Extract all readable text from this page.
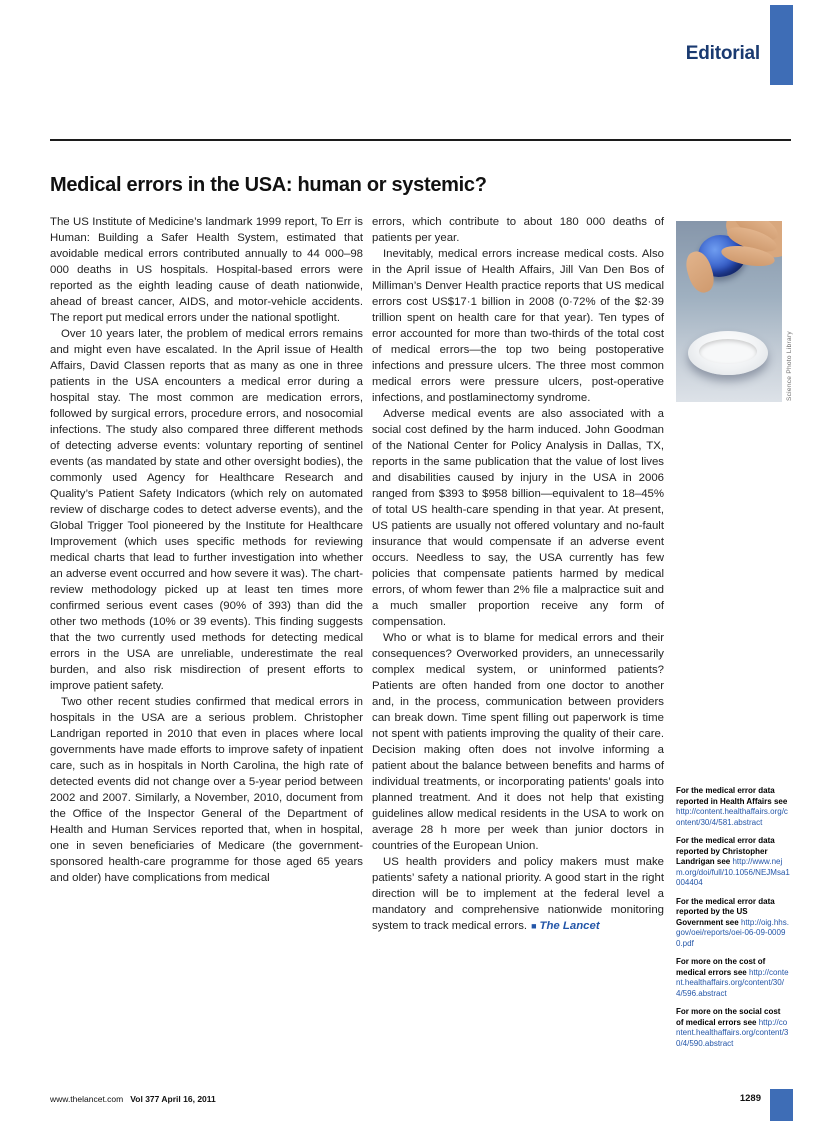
Editorial
Medical errors in the USA: human or systemic?

The US Institute of Medicine’s landmark 1999 report, To Err is Human: Building a Safer Health System, estimated that avoidable medical errors contributed annually to 44 000–98 000 deaths in US hospitals. Hospital-based errors were reported as the eighth leading cause of death nationwide, ahead of breast cancer, AIDS, and motor-vehicle accidents. The report put medical errors under the national spotlight.

Over 10 years later, the problem of medical errors remains and might even have escalated. In the April issue of Health Affairs, David Classen reports that as many as one in three patients in the USA encounters a medical error during a hospital stay. The most common are medication errors, followed by surgical errors, procedure errors, and nosocomial infections. The study also compared three different methods of detecting adverse events: voluntary reporting of sentinel events (as mandated by state and other oversight bodies), the commonly used Agency for Healthcare Research and Quality’s Patient Safety Indicators (which rely on automated review of discharge codes to detect adverse events), and the Global Trigger Tool pioneered by the Institute for Healthcare Improvement (which uses specific methods for reviewing medical charts that lead to further investigation into whether an adverse event occurred and how severe it was). The chart-review methodology picked up at least ten times more confirmed serious event cases (90% of 393) than did the other two methods (10% or 39 events). This finding suggests that the two currently used methods for detecting medical errors in the USA are unreliable, underestimate the real burden, and also risk misdirection of present efforts to improve patient safety.

Two other recent studies confirmed that medical errors in hospitals in the USA are a serious problem. Christopher Landrigan reported in 2010 that even in places where local governments have made efforts to improve safety of inpatient care, such as in hospitals in North Carolina, the high rate of detected events did not change over a 5-year period between 2002 and 2007. Similarly, a November, 2010, document from the Office of the Inspector General of the Department of Health and Human Services reported that, when in hospital, one in seven beneficiaries of Medicare (the government-sponsored health-care programme for those aged 65 years and older) have complications from medical

errors, which contribute to about 180 000 deaths of patients per year.

Inevitably, medical errors increase medical costs. Also in the April issue of Health Affairs, Jill Van Den Bos of Milliman’s Denver Health practice reports that US medical errors cost US$17·1 billion in 2008 (0·72% of the $2·39 trillion spent on health care for that year). Ten types of error accounted for more than two-thirds of the total cost of medical errors—the top two being postoperative infections and pressure ulcers. The three most common medical errors were pressure ulcers, post-operative infections, and postlaminectomy syndrome.

Adverse medical events are also associated with a social cost defined by the harm induced. John Goodman of the National Center for Policy Analysis in Dallas, TX, reports in the same publication that the value of lost lives and disabilities caused by injury in the USA in 2006 ranged from $393 to $958 billion—equivalent to 18–45% of total US health-care spending in that year. At present, US patients are usually not offered voluntary and no-fault insurance that would compensate if an adverse event occurs. Needless to say, the USA currently has few policies that compensate patients harmed by medical errors, of whom fewer than 2% file a malpractice suit and a much smaller proportion receive any form of compensation.

Who or what is to blame for medical errors and their consequences? Overworked providers, an unnecessarily complex medical system, or uninformed patients? Patients are often handed from one doctor to another and, in the process, communication between providers can break down. Time spent filling out paperwork is time not spent with patients improving the quality of their care. Decision making often does not involve informing a patient about the balance between benefits and harms of individual treatments, or incorporating patients’ goals into planned treatment. And it does not help that existing guidelines allow medical residents in the USA to work on average 28 h more per week than junior doctors in countries of the European Union.

US health providers and policy makers must make patients’ safety a national priority. A good start in the right direction will be to implement at the federal level a mandatory and comprehensive nationwide monitoring system to track medical errors. ■ The Lancet

Science Photo Library
For the medical error data reported in Health Affairs see http://content.healthaffairs.org/content/30/4/581.abstract
For the medical error data reported by Christopher Landrigan see http://www.nejm.org/doi/full/10.1056/NEJMsa1004404
For the medical error data reported by the US Government see http://oig.hhs.gov/oei/reports/oei-06-09-00090.pdf
For more on the cost of medical errors see http://content.healthaffairs.org/content/30/4/596.abstract
For more on the social cost of medical errors see http://content.healthaffairs.org/content/30/4/590.abstract
www.thelancet.com Vol 377 April 16, 2011	1289
